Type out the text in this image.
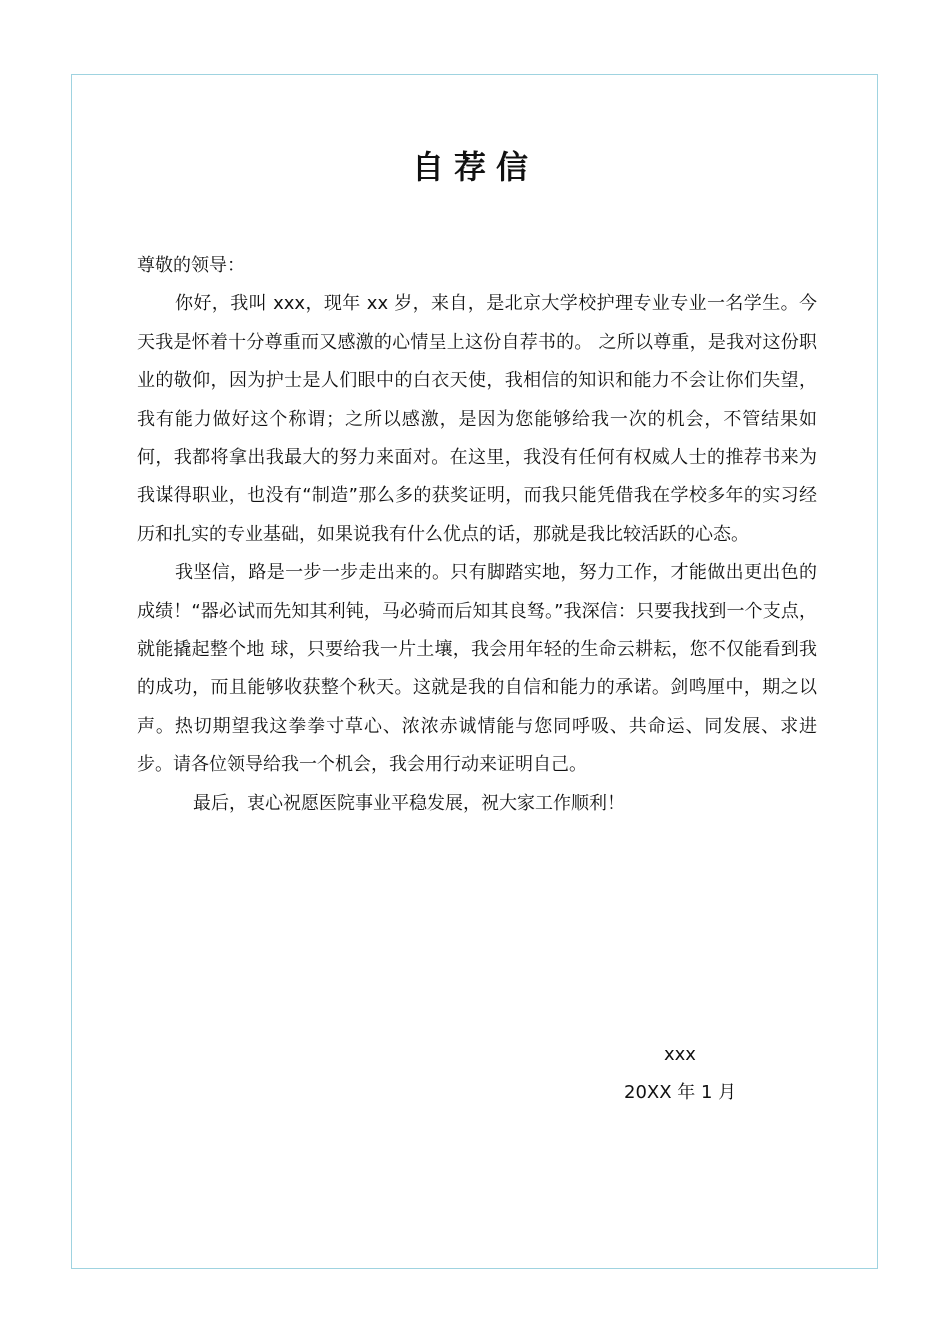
自荐信

尊敬的领导：

你好，我叫 xxx，现年 xx 岁，来自，是北京大学校护理专业专业一名学生。今天我是怀着十分尊重而又感激的心情呈上这份自荐书的。 之所以尊重，是我对这份职业的敬仰，因为护士是人们眼中的白衣天使，我相信的知识和能力不会让你们失望，我有能力做好这个称谓；之所以感激，是因为您能够给我一次的机会，不管结果如何，我都将拿出我最大的努力来面对。在这里，我没有任何有权威人士的推荐书来为我谋得职业，也没有“制造”那么多的获奖证明，而我只能凭借我在学校多年的实习经历和扎实的专业基础，如果说我有什么优点的话，那就是我比较活跃的心态。

我坚信，路是一步一步走出来的。只有脚踏实地，努力工作，才能做出更出色的成绩！“器必试而先知其利钝，马必骑而后知其良驽。”我深信：只要我找到一个支点，就能撬起整个地 球，只要给我一片土壤，我会用年轻的生命云耕耘，您不仅能看到我的成功，而且能够收获整个秋天。这就是我的自信和能力的承诺。剑鸣厘中，期之以声。热切期望我这拳拳寸草心、浓浓赤诚情能与您同呼吸、共命运、同发展、求进步。请各位领导给我一个机会，我会用行动来证明自己。

最后，衷心祝愿医院事业平稳发展，祝大家工作顺利！

xxx
20XX 年 1 月
